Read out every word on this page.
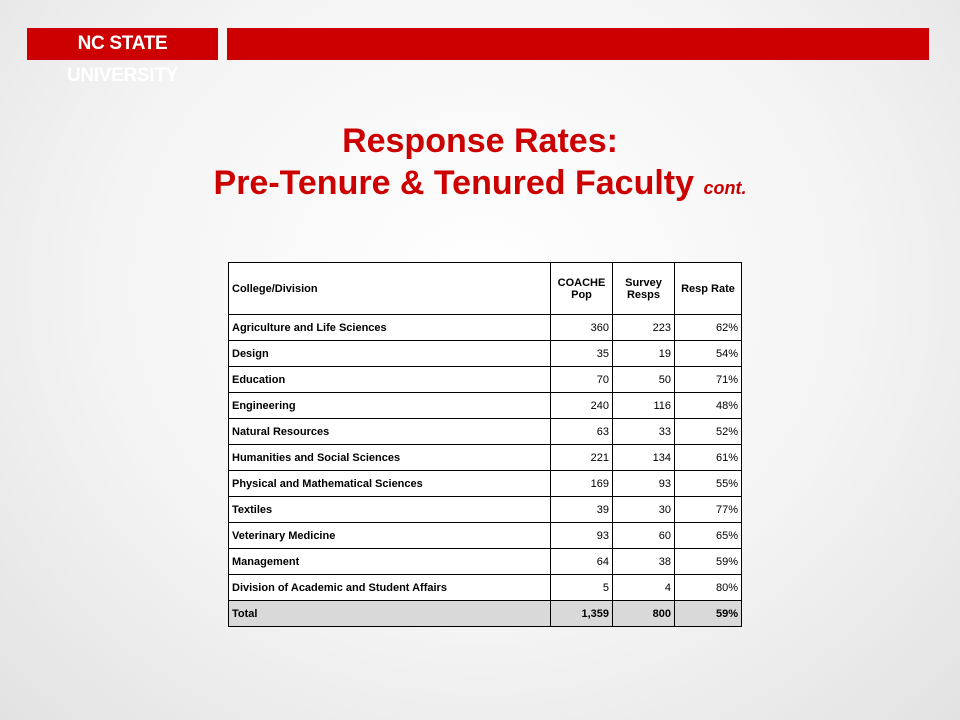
NC STATE UNIVERSITY
Response Rates:
Pre-Tenure & Tenured Faculty cont.
College/Division	COACHE Pop	Survey Resps	Resp Rate
Agriculture and Life Sciences	360	223	62%
Design	35	19	54%
Education	70	50	71%
Engineering	240	116	48%
Natural Resources	63	33	52%
Humanities and Social Sciences	221	134	61%
Physical and Mathematical Sciences	169	93	55%
Textiles	39	30	77%
Veterinary Medicine	93	60	65%
Management	64	38	59%
Division of Academic and Student Affairs	5	4	80%
Total	1,359	800	59%
